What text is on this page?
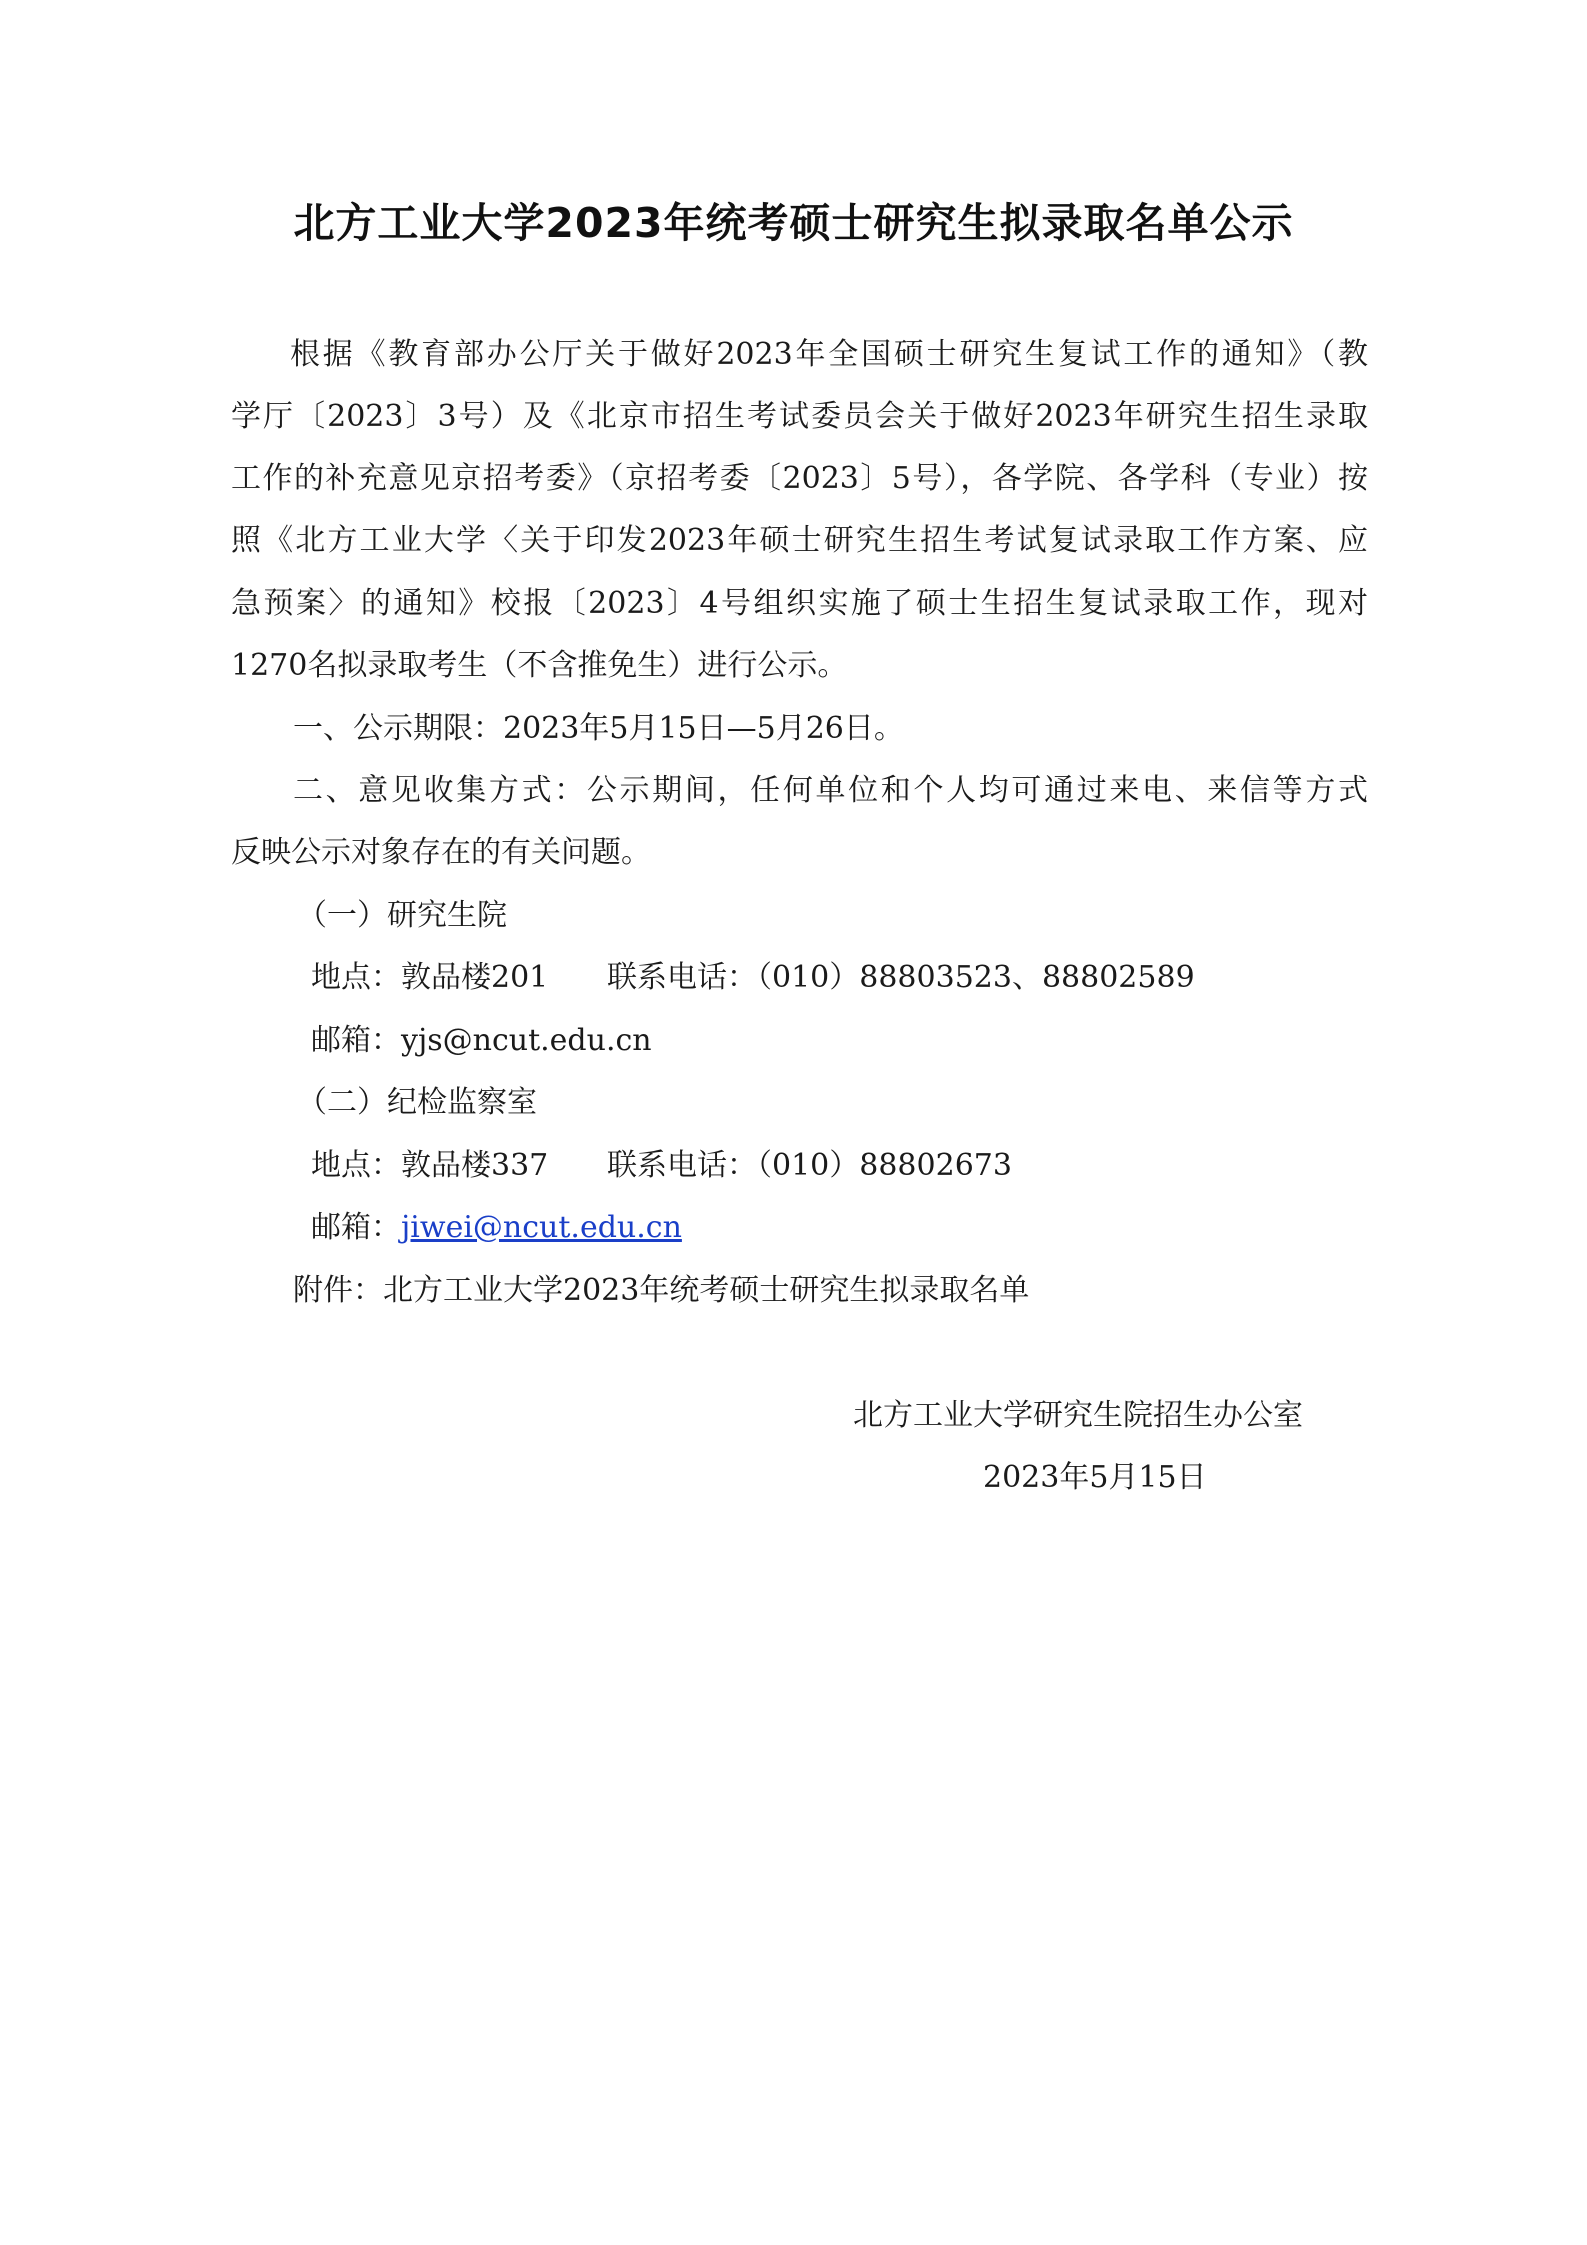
北方工业大学2023年统考硕士研究生拟录取名单公示
根据《教育部办公厅关于做好2023年全国硕士研究生复试工作的通知》（教
学厅〔2023〕3号）及《北京市招生考试委员会关于做好2023年研究生招生录取
工作的补充意见京招考委》（京招考委〔2023〕5号），各学院、各学科（专业）按
照《北方工业大学〈关于印发2023年硕士研究生招生考试复试录取工作方案、应
急预案〉的通知》校报〔2023〕4号组织实施了硕士生招生复试录取工作，现对
1270名拟录取考生（不含推免生）进行公示。
一、公示期限：2023年5月15日—5月26日。
二、意见收集方式：公示期间，任何单位和个人均可通过来电、来信等方式
反映公示对象存在的有关问题。
（一）研究生院
地点：敦品楼201 联系电话：（010）88803523、88802589
邮箱：yjs@ncut.edu.cn
（二）纪检监察室
地点：敦品楼337 联系电话：（010）88802673
邮箱：jiwei@ncut.edu.cn
附件：北方工业大学2023年统考硕士研究生拟录取名单
北方工业大学研究生院招生办公室
2023年5月15日
